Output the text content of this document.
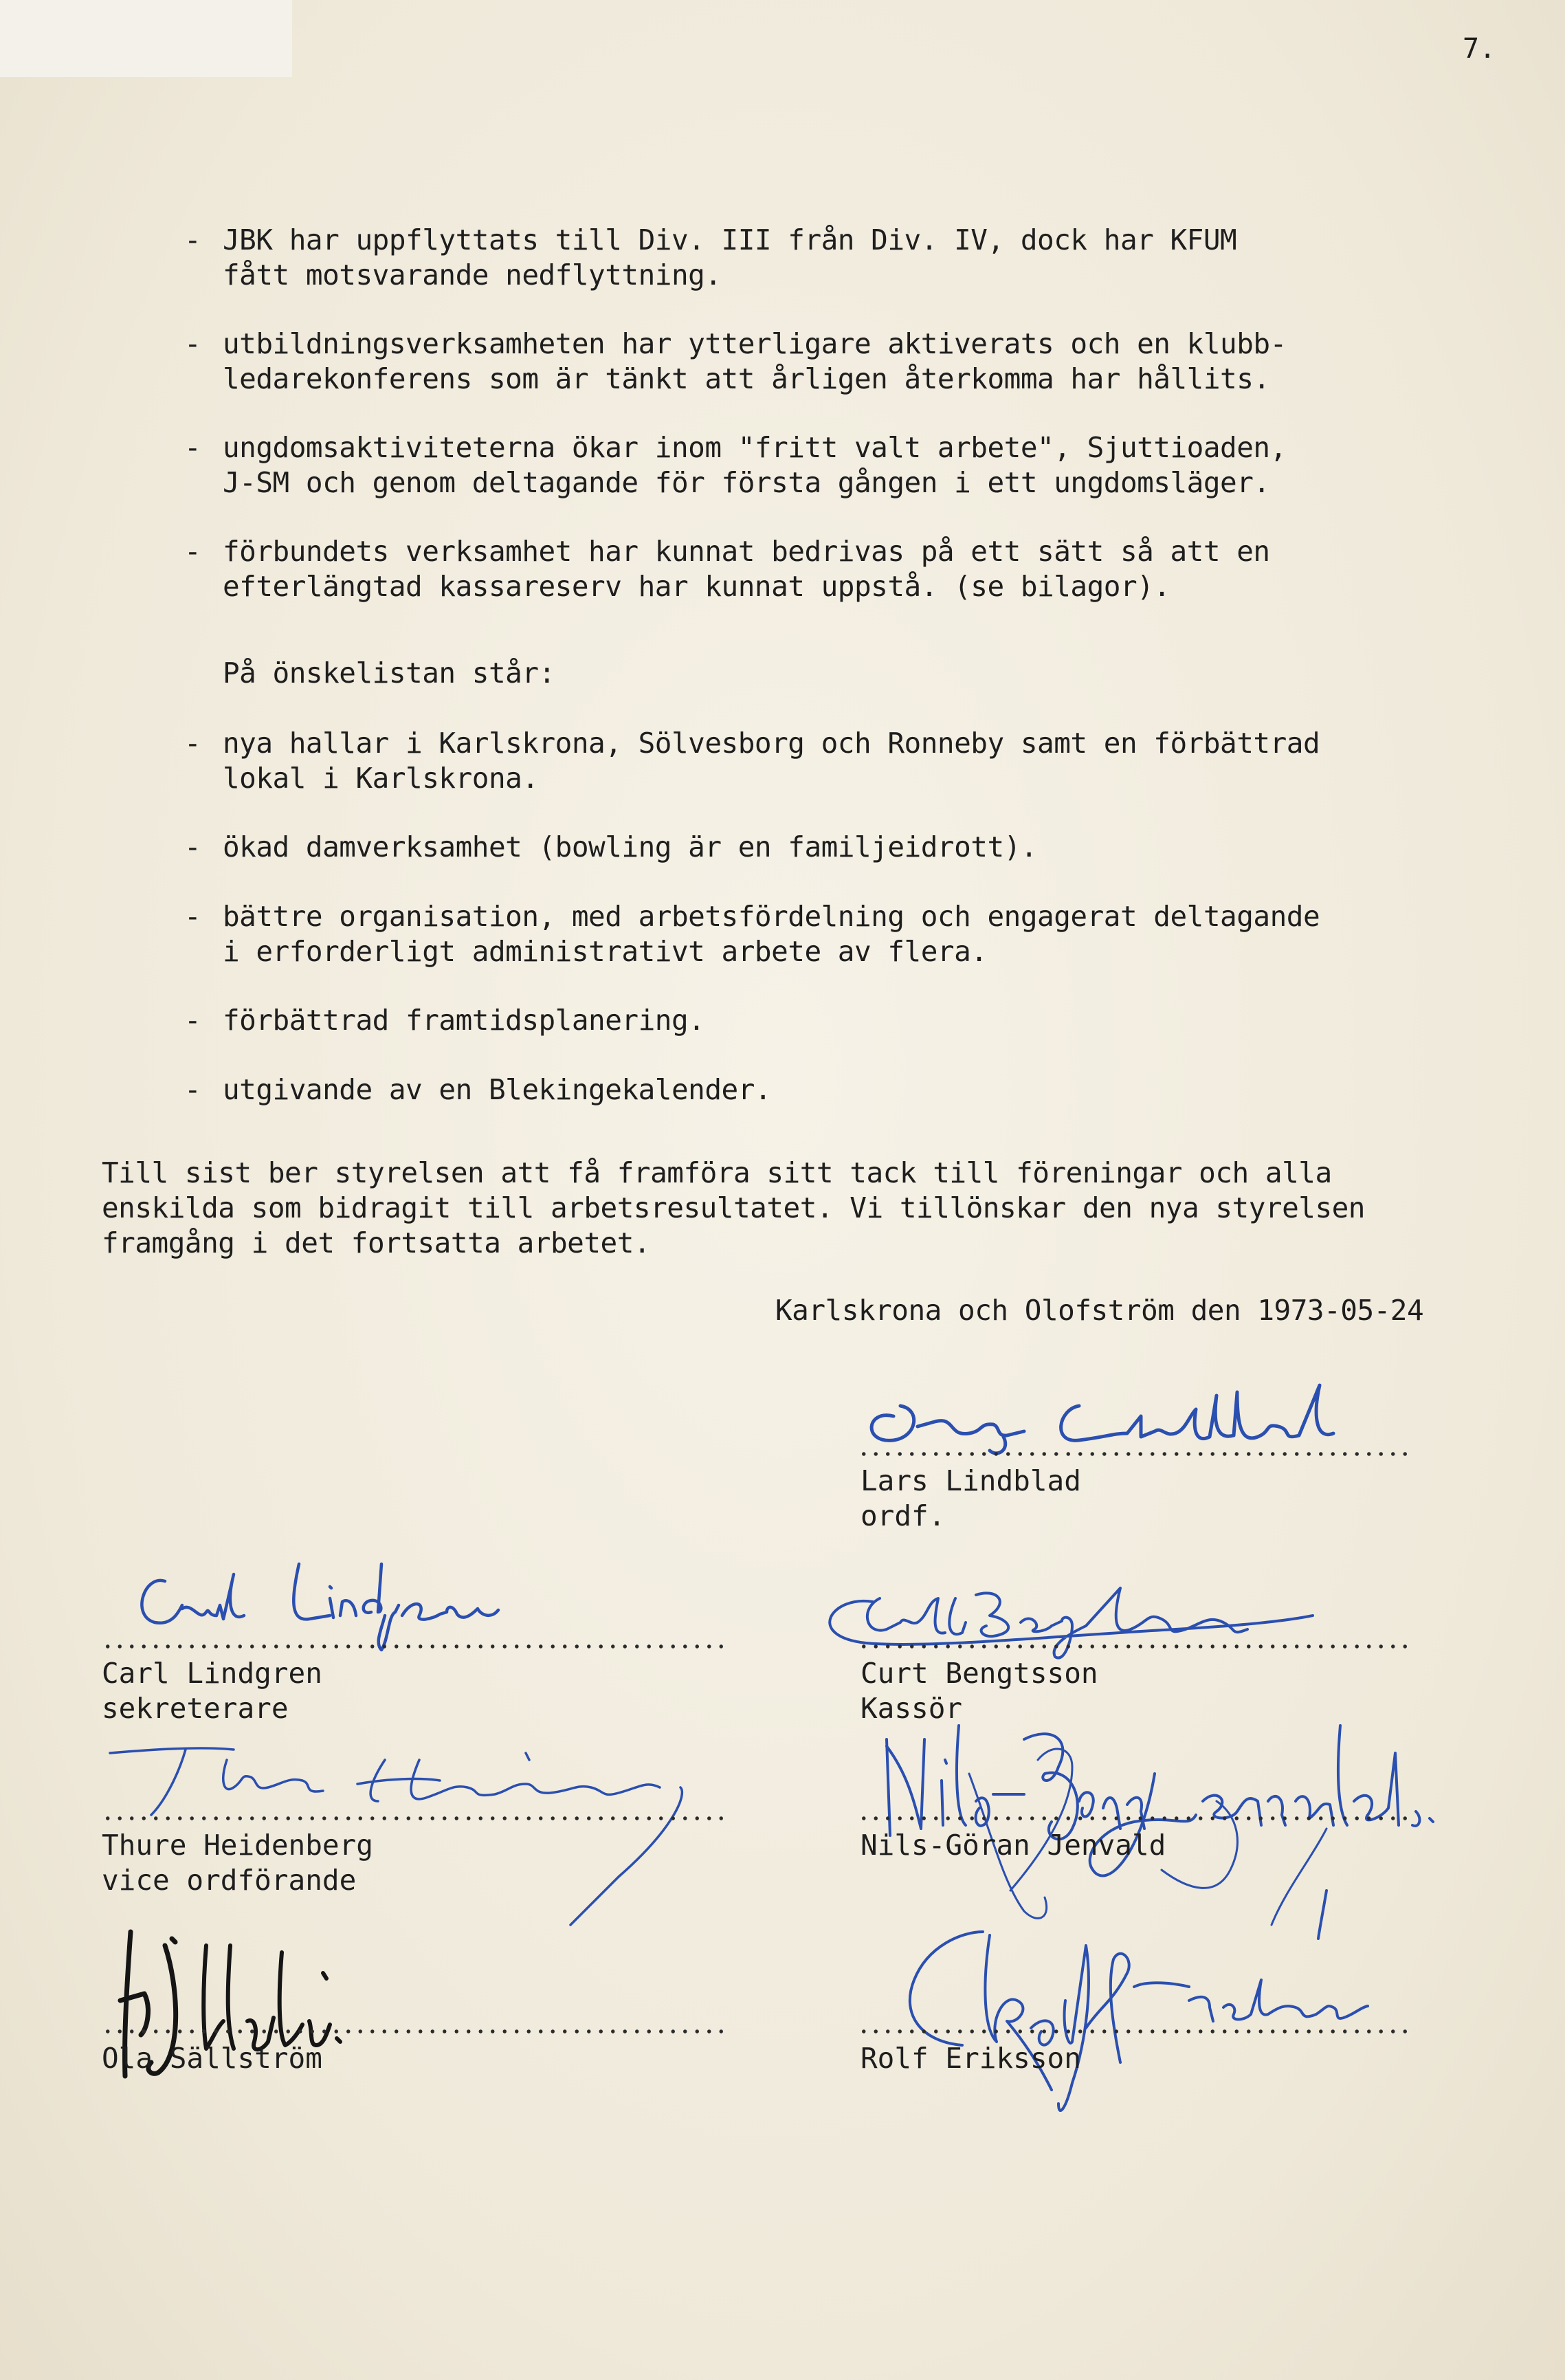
7.
- JBK har uppflyttats till Div. III från Div. IV, dock har KFUM
fått motsvarande nedflyttning.
- utbildningsverksamheten har ytterligare aktiverats och en klubb-
ledarekonferens som är tänkt att årligen återkomma har hållits.
- ungdomsaktiviteterna ökar inom "fritt valt arbete", Sjuttioaden,
J-SM och genom deltagande för första gången i ett ungdomsläger.
- förbundets verksamhet har kunnat bedrivas på ett sätt så att en
efterlängtad kassareserv har kunnat uppstå. (se bilagor).
På önskelistan står:
- nya hallar i Karlskrona, Sölvesborg och Ronneby samt en förbättrad
lokal i Karlskrona.
- ökad damverksamhet (bowling är en familjeidrott).
- bättre organisation, med arbetsfördelning och engagerat deltagande
i erforderligt administrativt arbete av flera.
- förbättrad framtidsplanering.
- utgivande av en Blekingekalender.
Till sist ber styrelsen att få framföra sitt tack till föreningar och alla
enskilda som bidragit till arbetsresultatet. Vi tillönskar den nya styrelsen
framgång i det fortsatta arbetet.
Karlskrona och Olofström den 1973-05-24
Lars Lindblad
ordf.
Carl Lindgren
sekreterare
Curt Bengtsson
Kassör
Thure Heidenberg
vice ordförande
Nils-Göran Jenvald
Ola Sällström	Rolf Eriksson
